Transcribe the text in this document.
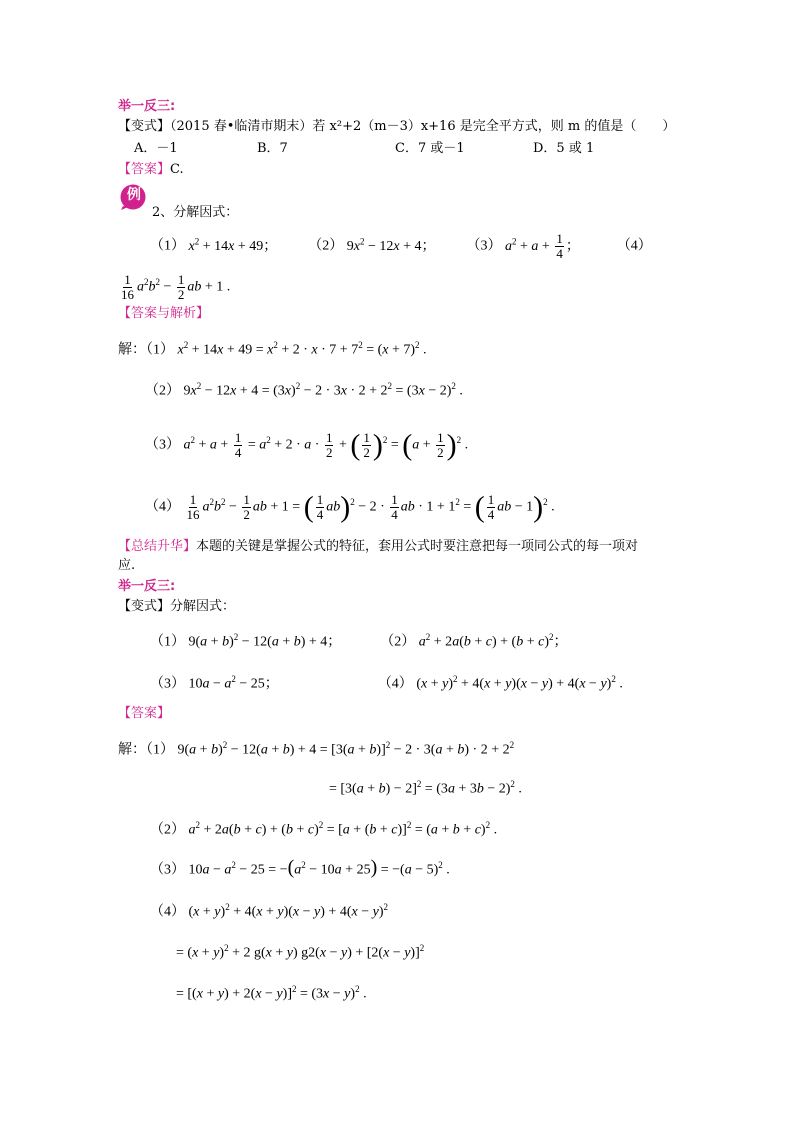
举一反三:
【变式】（2015 春•临清市期末）若 x²+2（m－3）x+16 是完全平方式，则 m 的值是（　　）
A．－1	B．7	C．7 或－1	D．5 或 1
【答案】C.
例
2、分解因式：
（1） $x^2 + 14x + 49$； （2） $9x^2 - 12x + 4$； （3） $a^2 + a + \frac{1}{4}$ ；	（4）
$\frac{1}{16} a^2b^2 - \frac{1}{2}$ ab + 1 .
【答案与解析】
解：（1） $x^2 + 14x + 49 = x^2 + 2 \cdot x \cdot 7 + 7^2 = (x + 7)^2$ .
（2） $9x^2 - 12x + 4 = (3x)^2 - 2 \cdot 3x \cdot 2 + 2^2 = (3x - 2)^2$ .
（3） $a^2 + a + \frac{1}{4} = a^2 + 2 \cdot a \cdot \frac{1}{2}$ + ( $\frac{1}{2} )^2 = (a + \frac{1}{2} )^2$ .
$(4) \frac{1}{16} a^2b^2 - \frac{1}{2}$ ab + 1 = ( $\frac{1}{4} ab)^2 - 2 \cdot \frac{1}{4}$ ab · $1 + 1^2$ = ( $\frac{1}{4}$ ab − 1)$^2$ .
【总结升华】本题的关键是掌握公式的特征，套用公式时要注意把每一项同公式的每一项对
应.
举一反三:
【变式】分解因式：
（1） $9(a + b)^2 - 12(a + b) + 4$；	（2） $a^2 + 2a(b + c) + (b + c)^2$；
（3） $10a - a^2 - 25$；	（4） $(x + y)^2 + 4(x + y)(x - y) + 4(x - y)^2$ .
【答案】
解：（1） $9(a + b)^2 - 12(a + b) + 4 = [3(a + b)]^2 - 2 \cdot 3(a + b) \cdot 2 + 2^2$
= $[3(a + b) - 2]^2 = (3a + 3b - 2)^2$ .
（2） $a^2 + 2a(b + c) + (b + c)^2 = [a + (b + c)]^2 = (a + b + c)^2$ .
（3） $10a - a^2 - 25 = -(a^2 - 10a + 25) = -(a - 5)^2$ .
（4） $(x + y)^2 + 4(x + y)(x - y) + 4(x - y)^2$
= $(x + y)^2 + 2$ g(x + y) $g2(x - y) + [2(x - y)]^2$
= $[(x + y) + 2(x - y)]^2 = (3x - y)^2$ .
